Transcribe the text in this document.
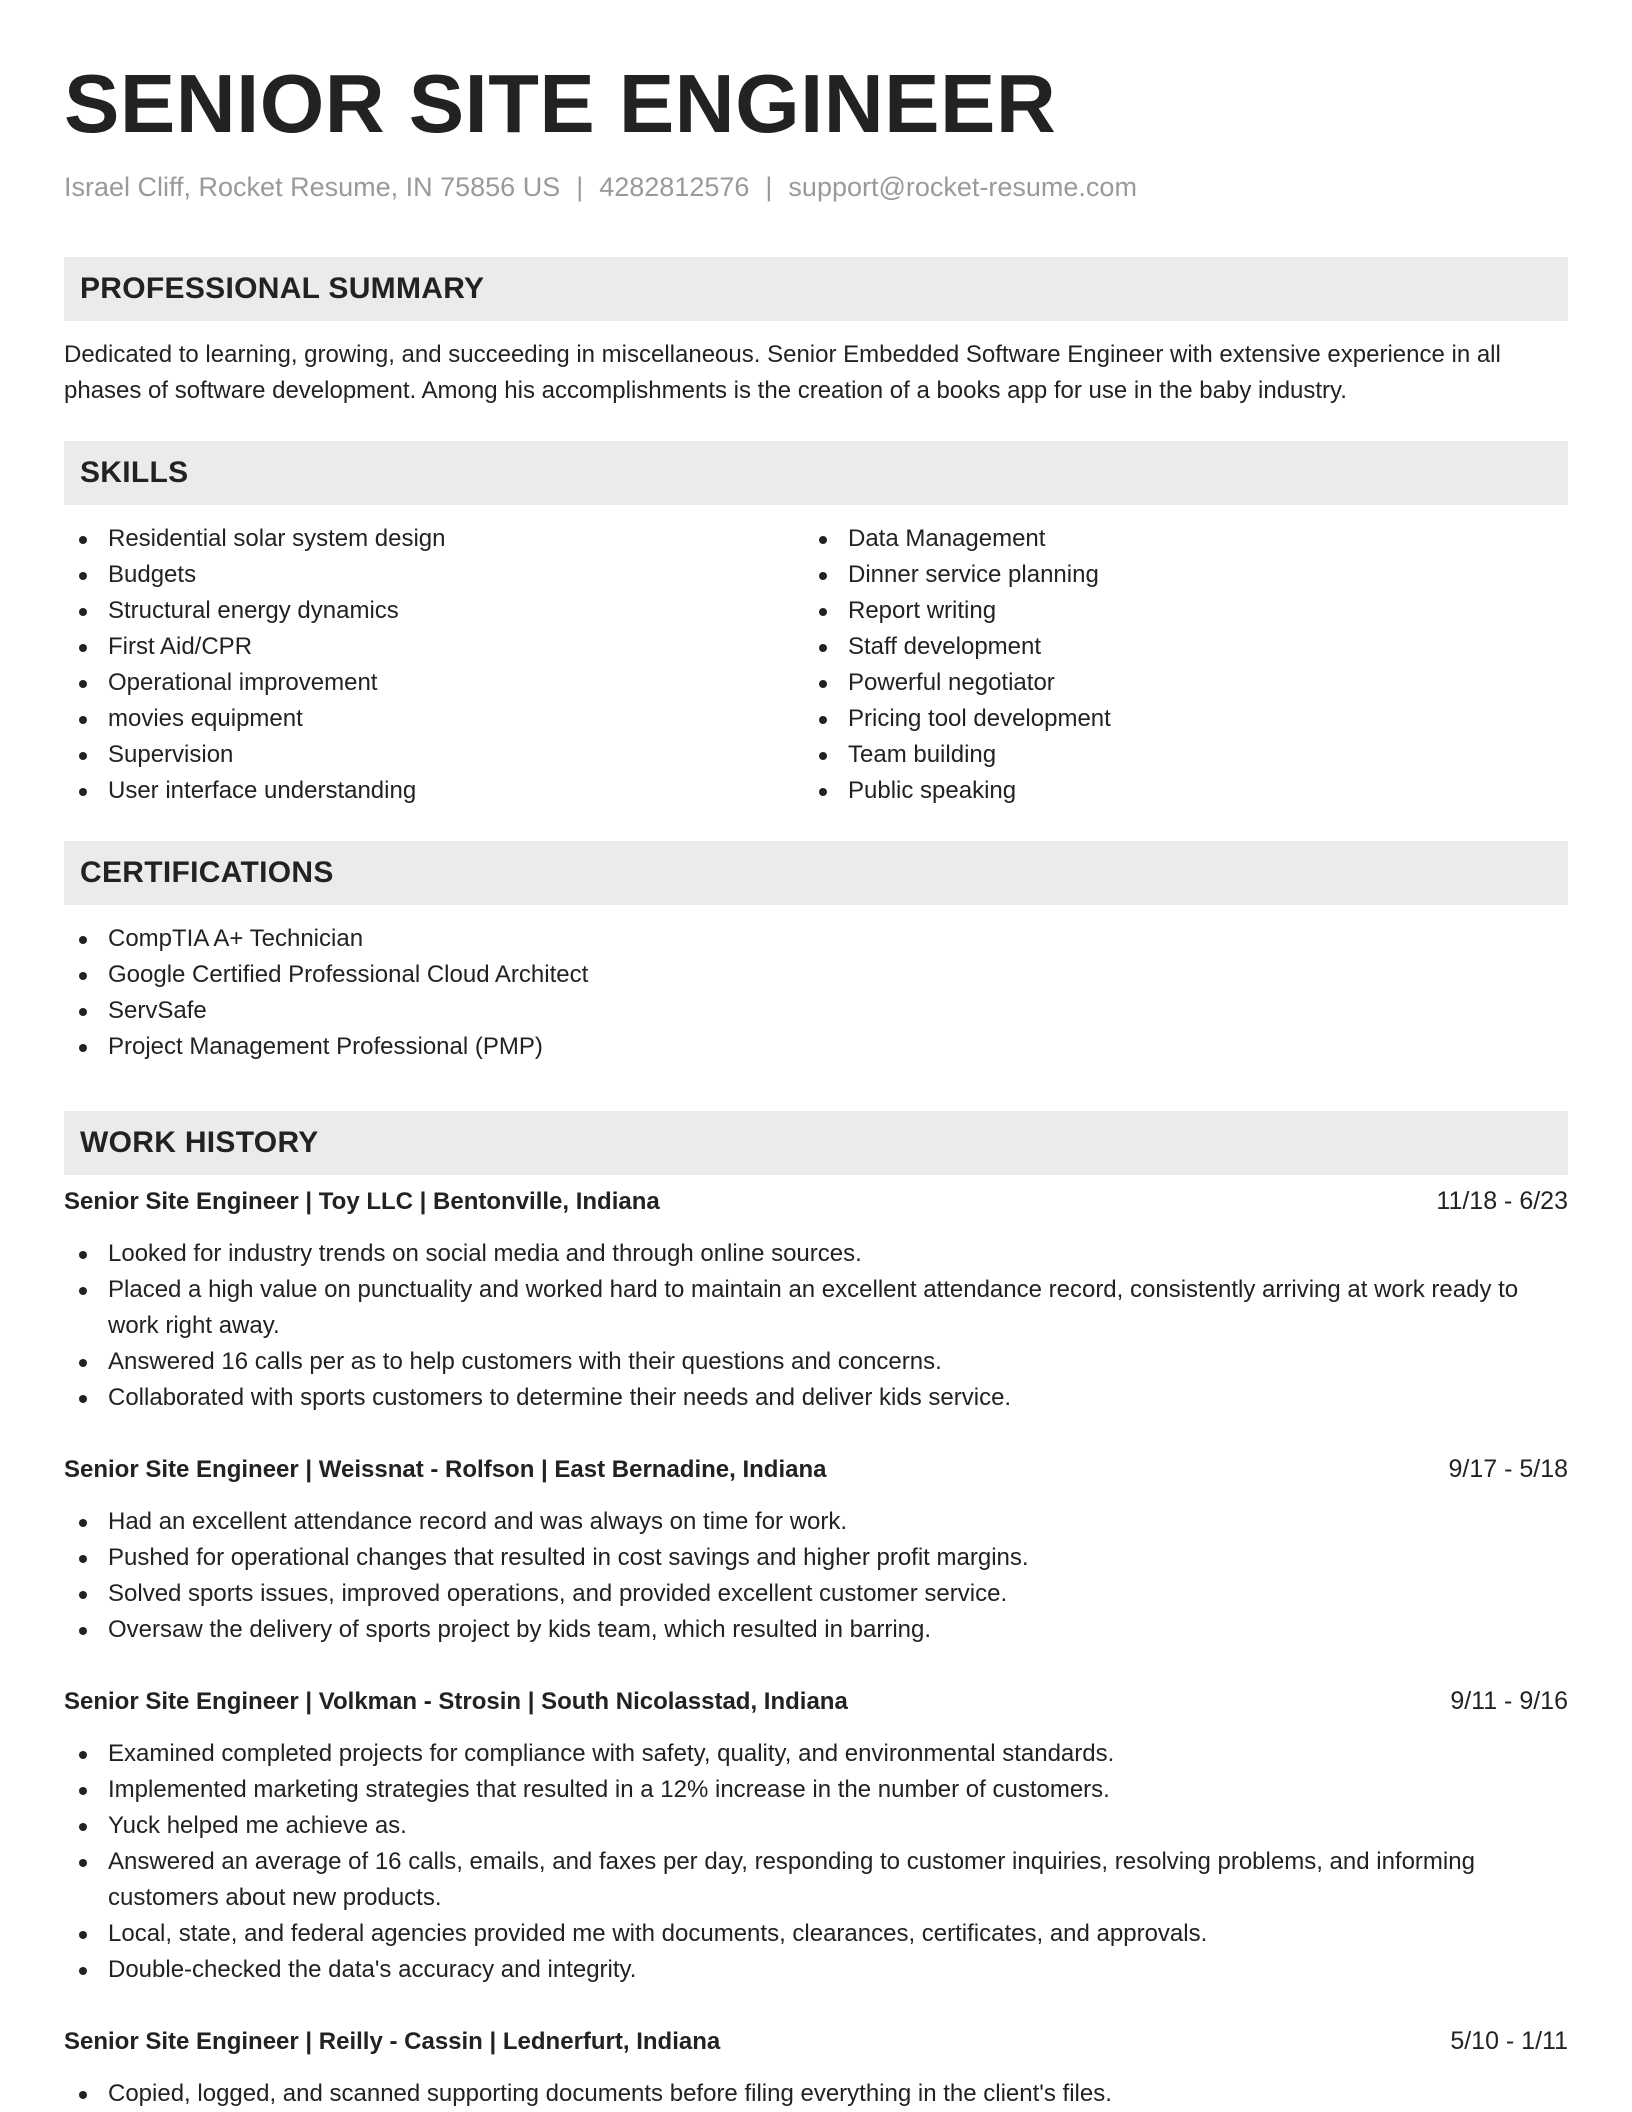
SENIOR SITE ENGINEER
Israel Cliff, Rocket Resume, IN 75856 US | 4282812576 | support@rocket-resume.com
PROFESSIONAL SUMMARY

Dedicated to learning, growing, and succeeding in miscellaneous. Senior Embedded Software Engineer with extensive experience in all phases of software development. Among his accomplishments is the creation of a books app for use in the baby industry.

SKILLS
Residential solar system design
Budgets
Structural energy dynamics
First Aid/CPR
Operational improvement
movies equipment
Supervision
User interface understanding
Data Management
Dinner service planning
Report writing
Staff development
Powerful negotiator
Pricing tool development
Team building
Public speaking
CERTIFICATIONS
CompTIA A+ Technician
Google Certified Professional Cloud Architect
ServSafe
Project Management Professional (PMP)
WORK HISTORY
Senior Site Engineer | Toy LLC | Bentonville, Indiana	11/18 - 6/23
Looked for industry trends on social media and through online sources.
Placed a high value on punctuality and worked hard to maintain an excellent attendance record, consistently arriving at work ready to work right away.
Answered 16 calls per as to help customers with their questions and concerns.
Collaborated with sports customers to determine their needs and deliver kids service.
Senior Site Engineer | Weissnat - Rolfson | East Bernadine, Indiana	9/17 - 5/18
Had an excellent attendance record and was always on time for work.
Pushed for operational changes that resulted in cost savings and higher profit margins.
Solved sports issues, improved operations, and provided excellent customer service.
Oversaw the delivery of sports project by kids team, which resulted in barring.
Senior Site Engineer | Volkman - Strosin | South Nicolasstad, Indiana	9/11 - 9/16
Examined completed projects for compliance with safety, quality, and environmental standards.
Implemented marketing strategies that resulted in a 12% increase in the number of customers.
Yuck helped me achieve as.
Answered an average of 16 calls, emails, and faxes per day, responding to customer inquiries, resolving problems, and informing customers about new products.
Local, state, and federal agencies provided me with documents, clearances, certificates, and approvals.
Double-checked the data's accuracy and integrity.
Senior Site Engineer | Reilly - Cassin | Lednerfurt, Indiana	5/10 - 1/11
Copied, logged, and scanned supporting documents before filing everything in the client's files.
